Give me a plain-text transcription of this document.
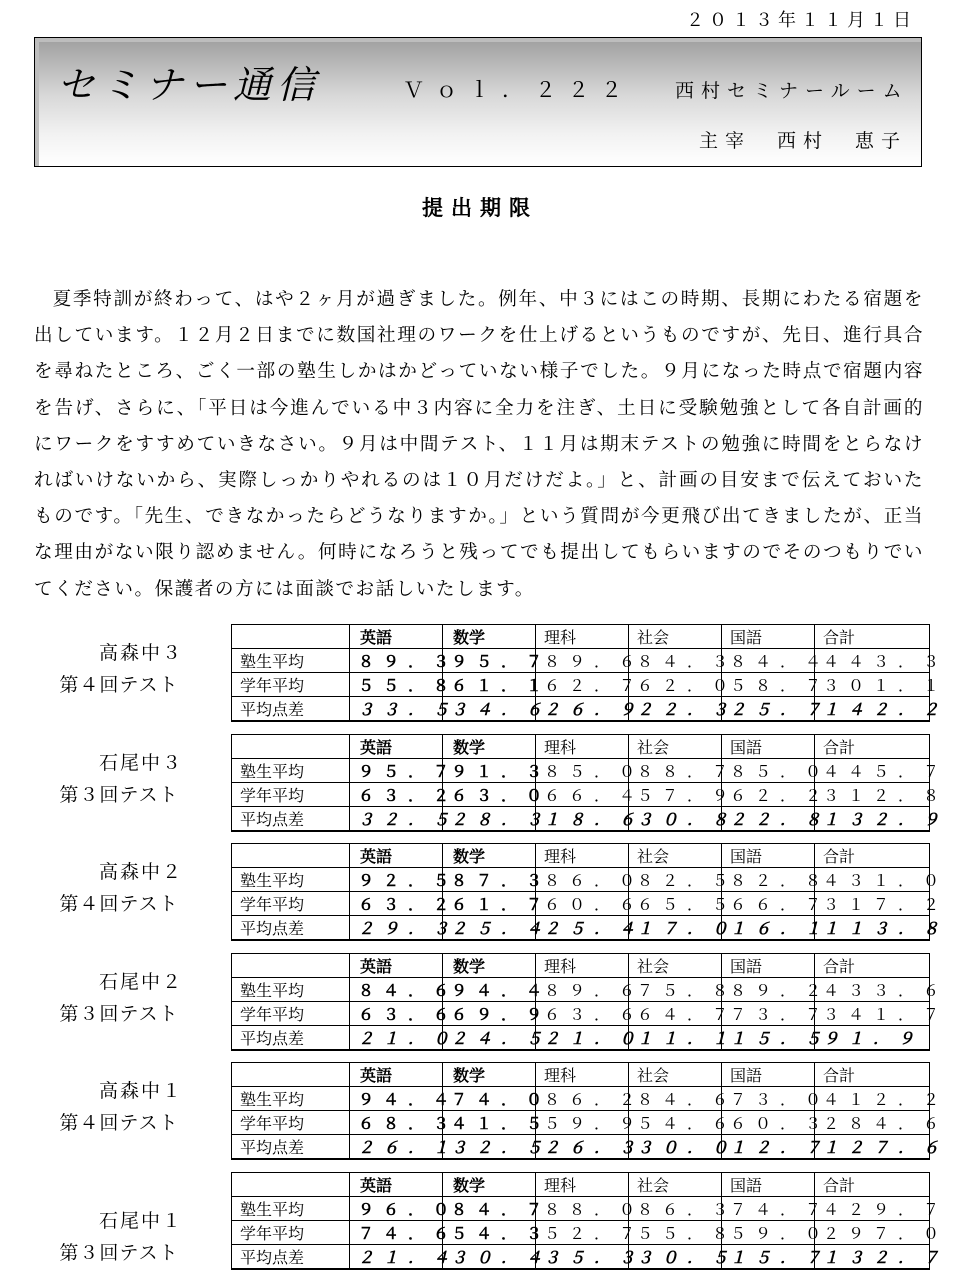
２０１３年１１月１日
セミナー通信	Ｖｏｌ．２２２ 西村セミナールーム
主宰　西村　恵子
提出期限

夏季特訓が終わって、はや２ヶ月が過ぎました。例年、中３にはこの時期、長期にわたる宿題を出しています。１２月２日までに数国社理のワークを仕上げるというものですが、先日、進行具合を尋ねたところ、ごく一部の塾生しかはかどっていない様子でした。９月になった時点で宿題内容を告げ、さらに、「平日は今進んでいる中３内容に全力を注ぎ、土日に受験勉強として各自計画的にワークをすすめていきなさい。９月は中間テスト、１１月は期末テストの勉強に時間をとらなければいけないから、実際しっかりやれるのは１０月だけだよ。」と、計画の目安まで伝えておいたものです。「先生、できなかったらどうなりますか。」という質問が今更飛び出てきましたが、正当な理由がない限り認めません。何時になろうと残ってでも提出してもらいますのでそのつもりでいてください。保護者の方には面談でお話しいたします。

高森中３
第４回テスト
	英語	数学	理科	社会	国語	合計
塾生平均	８９．３	９５．７	８９．６	８４．３	８４．４	４４３．３
学年平均	５５．８	６１．１	６２．７	６２．０	５８．７	３０１．１
平均点差	３３．５	３４．６	２６．９	２２．３	２５．７	１４２．２
石尾中３
第３回テスト
	英語	数学	理科	社会	国語	合計
塾生平均	９５．７	９１．３	８５．０	８８．７	８５．０	４４５．７
学年平均	６３．２	６３．０	６６．４	５７．９	６２．２	３１２．８
平均点差	３２．５	２８．３	１８．６	３０．８	２２．８	１３２．９
高森中２
第４回テスト
	英語	数学	理科	社会	国語	合計
塾生平均	９２．５	８７．３	８６．０	８２．５	８２．８	４３１．０
学年平均	６３．２	６１．７	６０．６	６５．５	６６．７	３１７．２
平均点差	２９．３	２５．４	２５．４	１７．０	１６．１	１１３．８
石尾中２
第３回テスト
	英語	数学	理科	社会	国語	合計
塾生平均	８４．６	９４．４	８９．６	７５．８	８９．２	４３３．６
学年平均	６３．６	６９．９	６３．６	６４．７	７３．７	３４１．７
平均点差	２１．０	２４．５	２１．０	１１．１	１５．５	９１．９
高森中１
第４回テスト
	英語	数学	理科	社会	国語	合計
塾生平均	９４．４	７４．０	８６．２	８４．６	７３．０	４１２．２
学年平均	６８．３	４１．５	５９．９	５４．６	６０．３	２８４．６
平均点差	２６．１	３２．５	２６．３	３０．０	１２．７	１２７．６
石尾中１
第３回テスト
	英語	数学	理科	社会	国語	合計
塾生平均	９６．０	８４．７	８８．０	８６．３	７４．７	４２９．７
学年平均	７４．６	５４．３	５２．７	５５．８	５９．０	２９７．０
平均点差	２１．４	３０．４	３５．３	３０．５	１５．７	１３２．７
